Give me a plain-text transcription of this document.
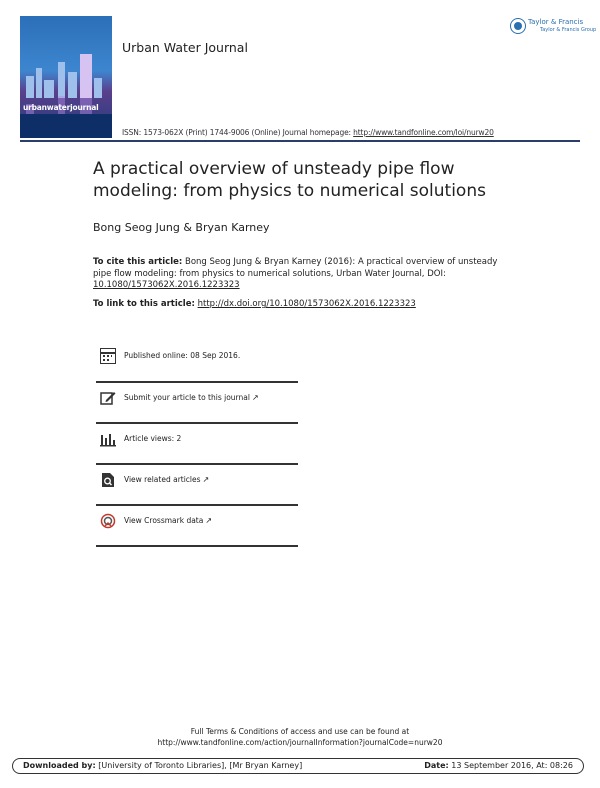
urbanwaterjournal
Urban Water Journal
Taylor & Francis
Taylor & Francis Group
ISSN: 1573-062X (Print) 1744-9006 (Online) Journal homepage: http://www.tandfonline.com/loi/nurw20
A practical overview of unsteady pipe flow modeling: from physics to numerical solutions
Bong Seog Jung & Bryan Karney
To cite this article: Bong Seog Jung & Bryan Karney (2016): A practical overview of unsteady pipe flow modeling: from physics to numerical solutions, Urban Water Journal, DOI: 10.1080/1573062X.2016.1223323
To link to this article: http://dx.doi.org/10.1080/1573062X.2016.1223323
Published online: 08 Sep 2016.
Submit your article to this journal ↗
Article views: 2
View related articles ↗
View Crossmark data ↗
Full Terms & Conditions of access and use can be found at
http://www.tandfonline.com/action/journalInformation?journalCode=nurw20
Downloaded by: [University of Toronto Libraries], [Mr Bryan Karney]	Date: 13 September 2016, At: 08:26
